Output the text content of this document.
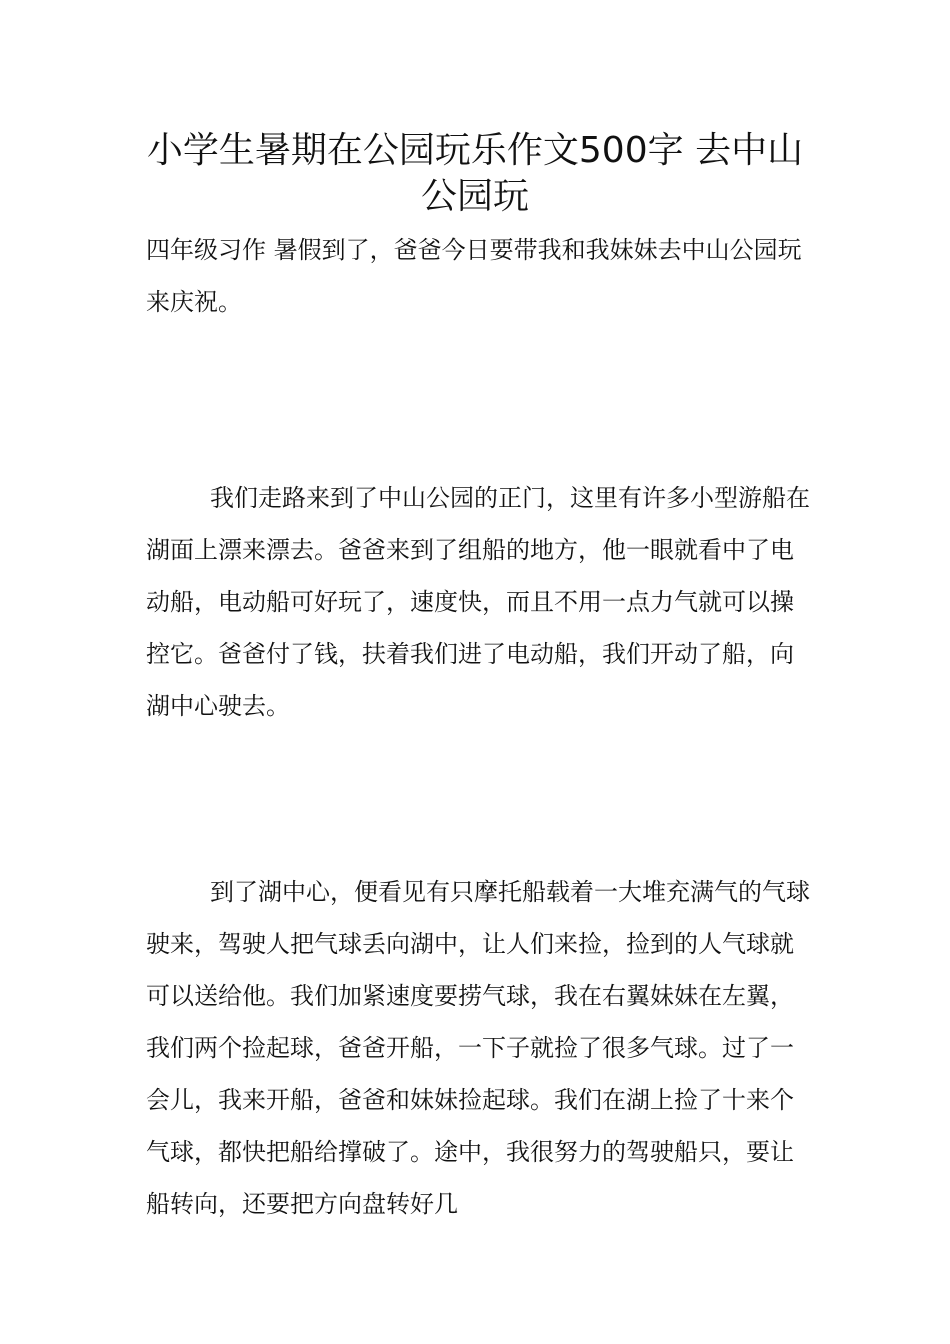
小学生暑期在公园玩乐作文500字 去中山公园玩

四年级习作 暑假到了，爸爸今日要带我和我妹妹去中山公园玩来庆祝。

我们走路来到了中山公园的正门，这里有许多小型游船在湖面上漂来漂去。爸爸来到了组船的地方，他一眼就看中了电动船，电动船可好玩了，速度快，而且不用一点力气就可以操控它。爸爸付了钱，扶着我们进了电动船，我们开动了船，向湖中心驶去。

到了湖中心，便看见有只摩托船载着一大堆充满气的气球驶来，驾驶人把气球丢向湖中，让人们来捡，捡到的人气球就可以送给他。我们加紧速度要捞气球，我在右翼妹妹在左翼，我们两个捡起球，爸爸开船，一下子就捡了很多气球。过了一会儿，我来开船，爸爸和妹妹捡起球。我们在湖上捡了十来个气球，都快把船给撑破了。途中，我很努力的驾驶船只，要让船转向，还要把方向盘转好几
